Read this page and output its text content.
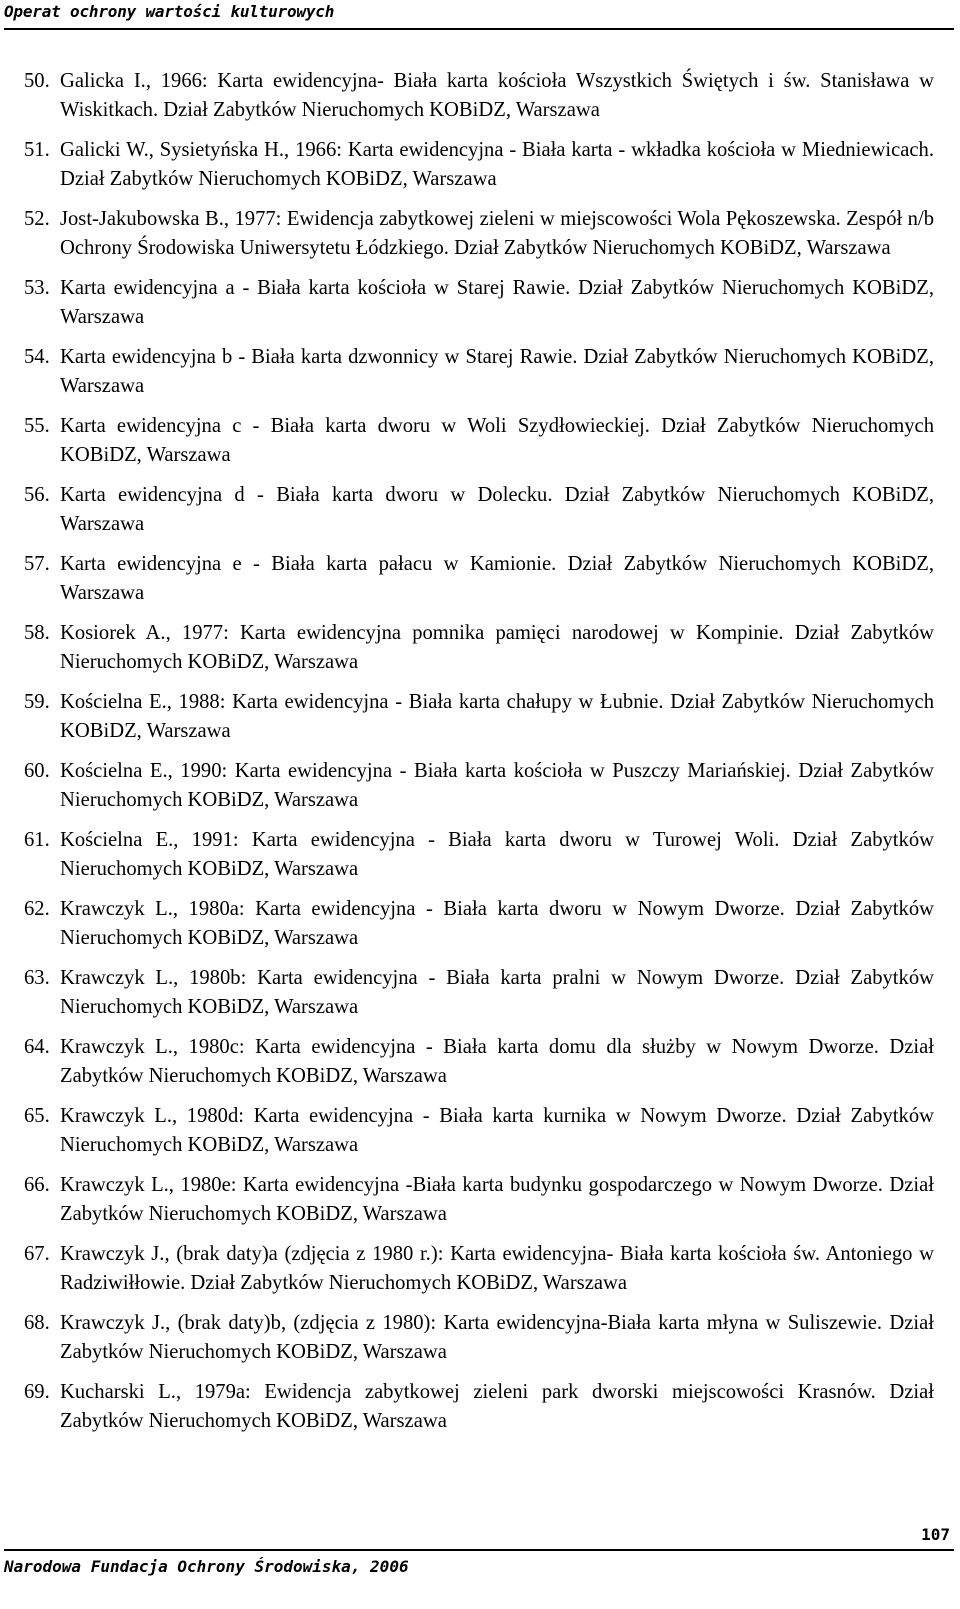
Operat ochrony wartości kulturowych
50. Galicka I., 1966: Karta ewidencyjna- Biała karta kościoła Wszystkich Świętych i św. Stanisława w Wiskitkach. Dział Zabytków Nieruchomych KOBiDZ, Warszawa
51. Galicki W., Sysietyńska H., 1966: Karta ewidencyjna - Biała karta - wkładka kościoła w Miedniewicach. Dział Zabytków Nieruchomych KOBiDZ, Warszawa
52. Jost-Jakubowska B., 1977: Ewidencja zabytkowej zieleni w miejscowości Wola Pękoszewska. Zespół n/b Ochrony Środowiska Uniwersytetu Łódzkiego. Dział Zabytków Nieruchomych KOBiDZ, Warszawa
53. Karta ewidencyjna a - Biała karta kościoła w Starej Rawie. Dział Zabytków Nieruchomych KOBiDZ, Warszawa
54. Karta ewidencyjna b - Biała karta dzwonnicy w Starej Rawie. Dział Zabytków Nieruchomych KOBiDZ, Warszawa
55. Karta ewidencyjna c - Biała karta dworu w Woli Szydłowieckiej. Dział Zabytków Nieruchomych KOBiDZ, Warszawa
56. Karta ewidencyjna d - Biała karta dworu w Dolecku. Dział Zabytków Nieruchomych KOBiDZ, Warszawa
57. Karta ewidencyjna e - Biała karta pałacu w Kamionie. Dział Zabytków Nieruchomych KOBiDZ, Warszawa
58. Kosiorek A., 1977: Karta ewidencyjna pomnika pamięci narodowej w Kompinie. Dział Zabytków Nieruchomych KOBiDZ, Warszawa
59. Kościelna E., 1988: Karta ewidencyjna - Biała karta chałupy w Łubnie. Dział Zabytków Nieruchomych KOBiDZ, Warszawa
60. Kościelna E., 1990: Karta ewidencyjna - Biała karta kościoła w Puszczy Mariańskiej. Dział Zabytków Nieruchomych KOBiDZ, Warszawa
61. Kościelna E., 1991: Karta ewidencyjna - Biała karta dworu w Turowej Woli. Dział Zabytków Nieruchomych KOBiDZ, Warszawa
62. Krawczyk L., 1980a: Karta ewidencyjna - Biała karta dworu w Nowym Dworze. Dział Zabytków Nieruchomych KOBiDZ, Warszawa
63. Krawczyk L., 1980b: Karta ewidencyjna - Biała karta pralni w Nowym Dworze. Dział Zabytków Nieruchomych KOBiDZ, Warszawa
64. Krawczyk L., 1980c: Karta ewidencyjna - Biała karta domu dla służby w Nowym Dworze. Dział Zabytków Nieruchomych KOBiDZ, Warszawa
65. Krawczyk L., 1980d: Karta ewidencyjna - Biała karta kurnika w Nowym Dworze. Dział Zabytków Nieruchomych KOBiDZ, Warszawa
66. Krawczyk L., 1980e: Karta ewidencyjna -Biała karta budynku gospodarczego w Nowym Dworze. Dział Zabytków Nieruchomych KOBiDZ, Warszawa
67. Krawczyk J., (brak daty)a (zdjęcia z 1980 r.): Karta ewidencyjna- Biała karta kościoła św. Antoniego w Radziwiłłowie. Dział Zabytków Nieruchomych KOBiDZ, Warszawa
68. Krawczyk J., (brak daty)b, (zdjęcia z 1980): Karta ewidencyjna-Biała karta młyna w Suliszewie. Dział Zabytków Nieruchomych KOBiDZ, Warszawa
69. Kucharski L., 1979a: Ewidencja zabytkowej zieleni park dworski miejscowości Krasnów. Dział Zabytków Nieruchomych KOBiDZ, Warszawa
107
Narodowa Fundacja Ochrony Środowiska, 2006
